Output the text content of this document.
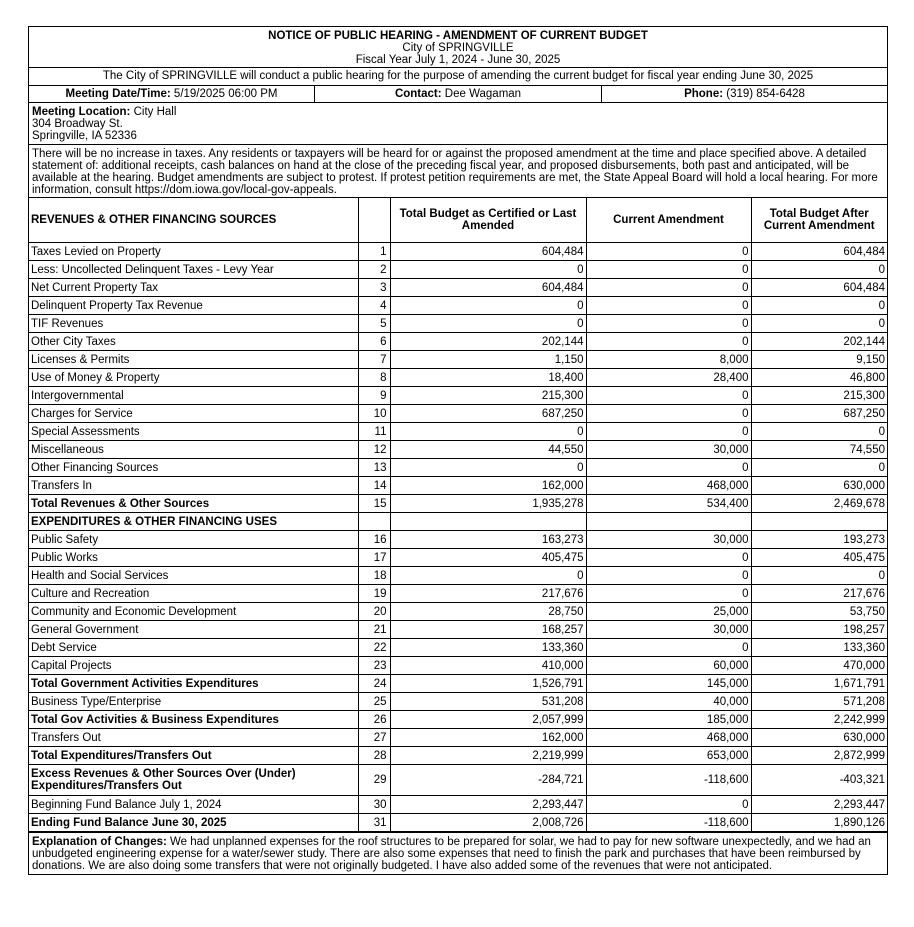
NOTICE OF PUBLIC HEARING - AMENDMENT OF CURRENT BUDGET
City of SPRINGVILLE
Fiscal Year July 1, 2024 - June 30, 2025
The City of SPRINGVILLE will conduct a public hearing for the purpose of amending the current budget for fiscal year ending June 30, 2025
Meeting Date/Time: 5/19/2025 06:00 PM	Contact: Dee Wagaman	Phone: (319) 854-6428
Meeting Location: City Hall
304 Broadway St.
Springville, IA 52336
There will be no increase in taxes. Any residents or taxpayers will be heard for or against the proposed amendment at the time and place specified above. A detailed statement of: additional receipts, cash balances on hand at the close of the preceding fiscal year, and proposed disbursements, both past and anticipated, will be available at the hearing. Budget amendments are subject to protest. If protest petition requirements are met, the State Appeal Board will hold a local hearing. For more information, consult https://dom.iowa.gov/local-gov-appeals.
REVENUES & OTHER FINANCING SOURCES		Total Budget as Certified or Last Amended	Current Amendment	Total Budget After Current Amendment
Taxes Levied on Property	1	604,484	0	604,484
Less: Uncollected Delinquent Taxes - Levy Year	2	0	0	0
Net Current Property Tax	3	604,484	0	604,484
Delinquent Property Tax Revenue	4	0	0	0
TIF Revenues	5	0	0	0
Other City Taxes	6	202,144	0	202,144
Licenses & Permits	7	1,150	8,000	9,150
Use of Money & Property	8	18,400	28,400	46,800
Intergovernmental	9	215,300	0	215,300
Charges for Service	10	687,250	0	687,250
Special Assessments	11	0	0	0
Miscellaneous	12	44,550	30,000	74,550
Other Financing Sources	13	0	0	0
Transfers In	14	162,000	468,000	630,000
Total Revenues & Other Sources	15	1,935,278	534,400	2,469,678
EXPENDITURES & OTHER FINANCING USES				
Public Safety	16	163,273	30,000	193,273
Public Works	17	405,475	0	405,475
Health and Social Services	18	0	0	0
Culture and Recreation	19	217,676	0	217,676
Community and Economic Development	20	28,750	25,000	53,750
General Government	21	168,257	30,000	198,257
Debt Service	22	133,360	0	133,360
Capital Projects	23	410,000	60,000	470,000
Total Government Activities Expenditures	24	1,526,791	145,000	1,671,791
Business Type/Enterprise	25	531,208	40,000	571,208
Total Gov Activities & Business Expenditures	26	2,057,999	185,000	2,242,999
Transfers Out	27	162,000	468,000	630,000
Total Expenditures/Transfers Out	28	2,219,999	653,000	2,872,999
Excess Revenues & Other Sources Over (Under) Expenditures/Transfers Out	29	-284,721	-118,600	-403,321
Beginning Fund Balance July 1, 2024	30	2,293,447	0	2,293,447
Ending Fund Balance June 30, 2025	31	2,008,726	-118,600	1,890,126
Explanation of Changes: We had unplanned expenses for the roof structures to be prepared for solar, we had to pay for new software unexpectedly, and we had an unbudgeted engineering expense for a water/sewer study. There are also some expenses that need to finish the park and purchases that have been reimbursed by donations. We are also doing some transfers that were not originally budgeted. I have also added some of the revenues that were not anticipated.
